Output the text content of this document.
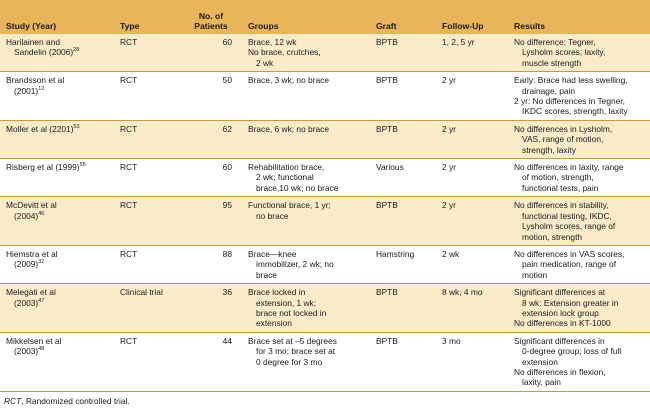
Study (Year)	Type	No. of
Patients	Groups	Graft	Follow-Up	Results

Harilainen and
Sandelin $(2006)^{28}$	RCT	60	Brace, 12 wk
No brace, crutches,
2 wk	BPTB	1, 2, 5 yr	No difference: Tegner,
Lysholm scores; laxity,
muscle strength

Brandsson et al
$(2001)^{12}$	RCT	50	Brace, 3 wk; no brace	BPTB	2 yr	Early: Brace had less swelling,
drainage, pain
2 yr: No differences in Tegner,
IKDC scores, strength, laxity

Moller et al $(2201)^{53}$	RCT	62	Brace, 6 wk; no brace	BPTB	2 yr	No differences in Lysholm,
VAS, range of motion,
strength, laxity

Risberg et al $(1999)^{55}$	RCT	60	Rehabilitation brace,
2 wk; functional
brace,10 wk; no brace	Various	2 yr	No differences in laxity, range
of motion, strength,
functional tests, pain

McDevitt et al
$(2004)^{46}$	RCT	95	Functional brace, 1 yr;
no brace	BPTB	2 yr	No differences in stability,
functional testing, IKDC,
Lysholm scores, range of
motion, strength

Hiemstra et al
$(2009)^{32}$	RCT	88	Brace—knee
immobilizer, 2 wk; no
brace	Hamstring	2 wk	No differences in VAS scores,
pain medication, range of
motion

Melegati et al
$(2003)^{47}$	Clinical trial	36	Brace locked in
extension, 1 wk;
brace not locked in
extension	BPTB	8 wk, 4 mo	Significant differences at
8 wk: Extension greater in
extension lock group
No differences in KT-1000

Mikkelsen et al
$(2003)^{48}$	RCT	44	Brace set at –5 degrees
for 3 mo; brace set at
0 degree for 3 mo	BPTB	3 mo	Significant differences in
0-degree group; loss of full
extension
No differences in flexion,
laxity, pain
RCT, Randomized controlled trial.
